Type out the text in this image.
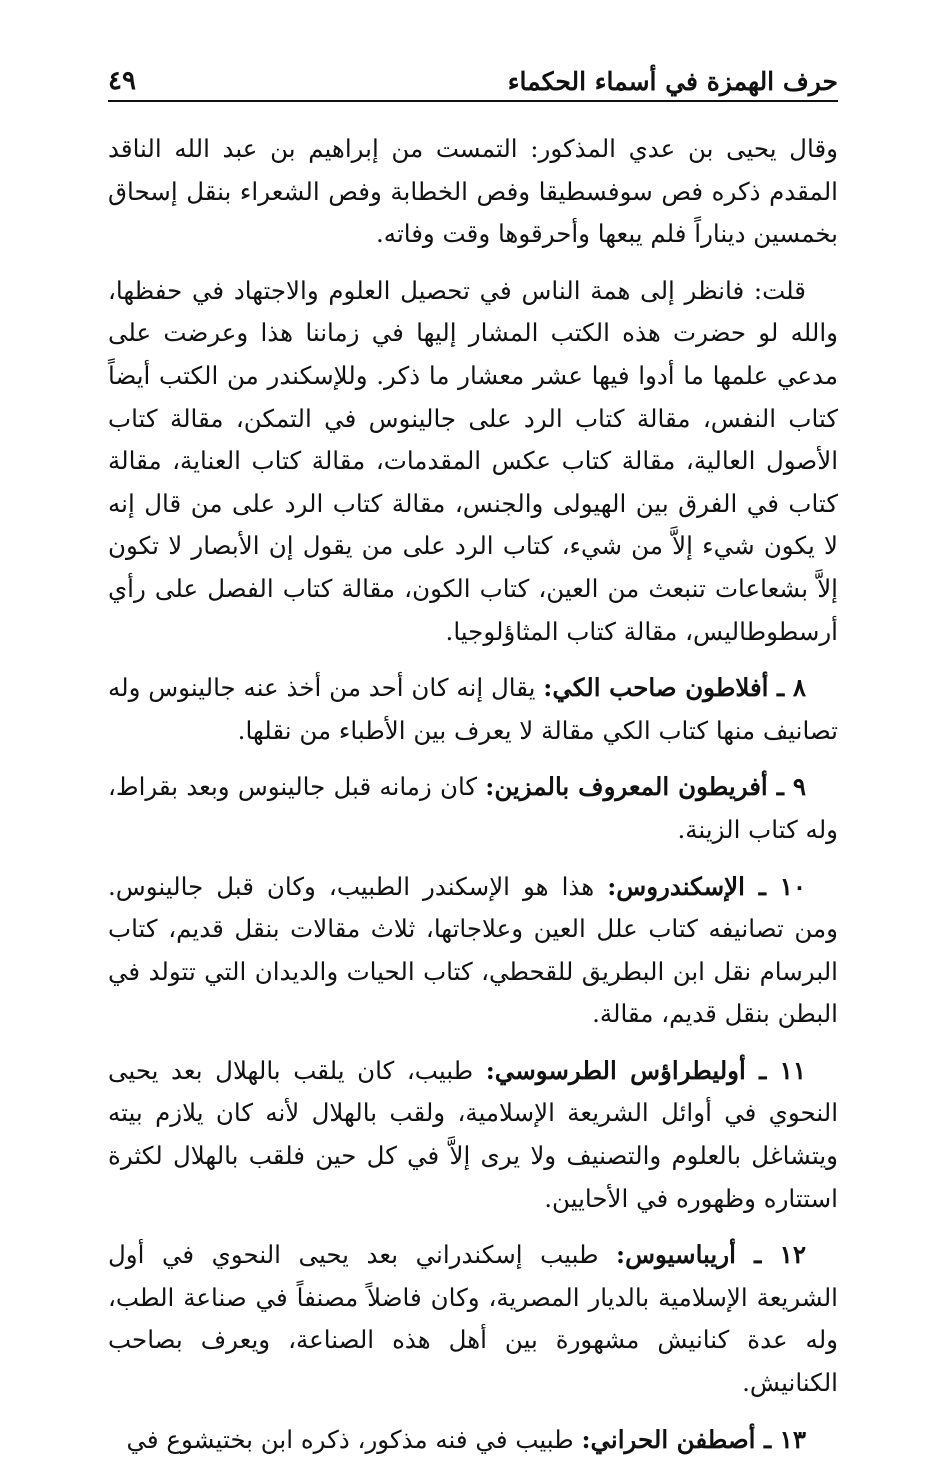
حرف الهمزة في أسماء الحكماء
٤٩

وقال يحيى بن عدي المذكور: التمست من إبراهيم بن عبد الله الناقد المقدم ذكره فص سوفسطيقا وفص الخطابة وفص الشعراء بنقل إسحاق بخمسين ديناراً فلم يبعها وأحرقوها وقت وفاته.

قلت: فانظر إلى همة الناس في تحصيل العلوم والاجتهاد في حفظها، والله لو حضرت هذه الكتب المشار إليها في زماننا هذا وعرضت على مدعي علمها ما أدوا فيها عشر معشار ما ذكر. وللإسكندر من الكتب أيضاً كتاب النفس، مقالة كتاب الرد على جالينوس في التمكن، مقالة كتاب الأصول العالية، مقالة كتاب عكس المقدمات، مقالة كتاب العناية، مقالة كتاب في الفرق بين الهيولى والجنس، مقالة كتاب الرد على من قال إنه لا يكون شيء إلاَّ من شيء، كتاب الرد على من يقول إن الأبصار لا تكون إلاَّ بشعاعات تنبعث من العين، كتاب الكون، مقالة كتاب الفصل على رأي أرسطوطاليس، مقالة كتاب المثاؤلوجيا.

٨ ـ أفلاطون صاحب الكي: يقال إنه كان أحد من أخذ عنه جالينوس وله تصانيف منها كتاب الكي مقالة لا يعرف بين الأطباء من نقلها.

٩ ـ أفريطون المعروف بالمزين: كان زمانه قبل جالينوس وبعد بقراط، وله كتاب الزينة.

١٠ ـ الإسكندروس: هذا هو الإسكندر الطبيب، وكان قبل جالينوس. ومن تصانيفه كتاب علل العين وعلاجاتها، ثلاث مقالات بنقل قديم، كتاب البرسام نقل ابن البطريق للقحطي، كتاب الحيات والديدان التي تتولد في البطن بنقل قديم، مقالة.

١١ ـ أوليطراؤس الطرسوسي: طبيب، كان يلقب بالهلال بعد يحيى النحوي في أوائل الشريعة الإسلامية، ولقب بالهلال لأنه كان يلازم بيته ويتشاغل بالعلوم والتصنيف ولا يرى إلاَّ في كل حين فلقب بالهلال لكثرة استتاره وظهوره في الأحايين.

١٢ ـ أريباسيوس: طبيب إسكندراني بعد يحيى النحوي في أول الشريعة الإسلامية بالديار المصرية، وكان فاضلاً مصنفاً في صناعة الطب، وله عدة كنانيش مشهورة بين أهل هذه الصناعة، ويعرف بصاحب الكنانيش.

١٣ ـ أصطفن الحراني: طبيب في فنه مذكور، ذكره ابن بختيشوع في
